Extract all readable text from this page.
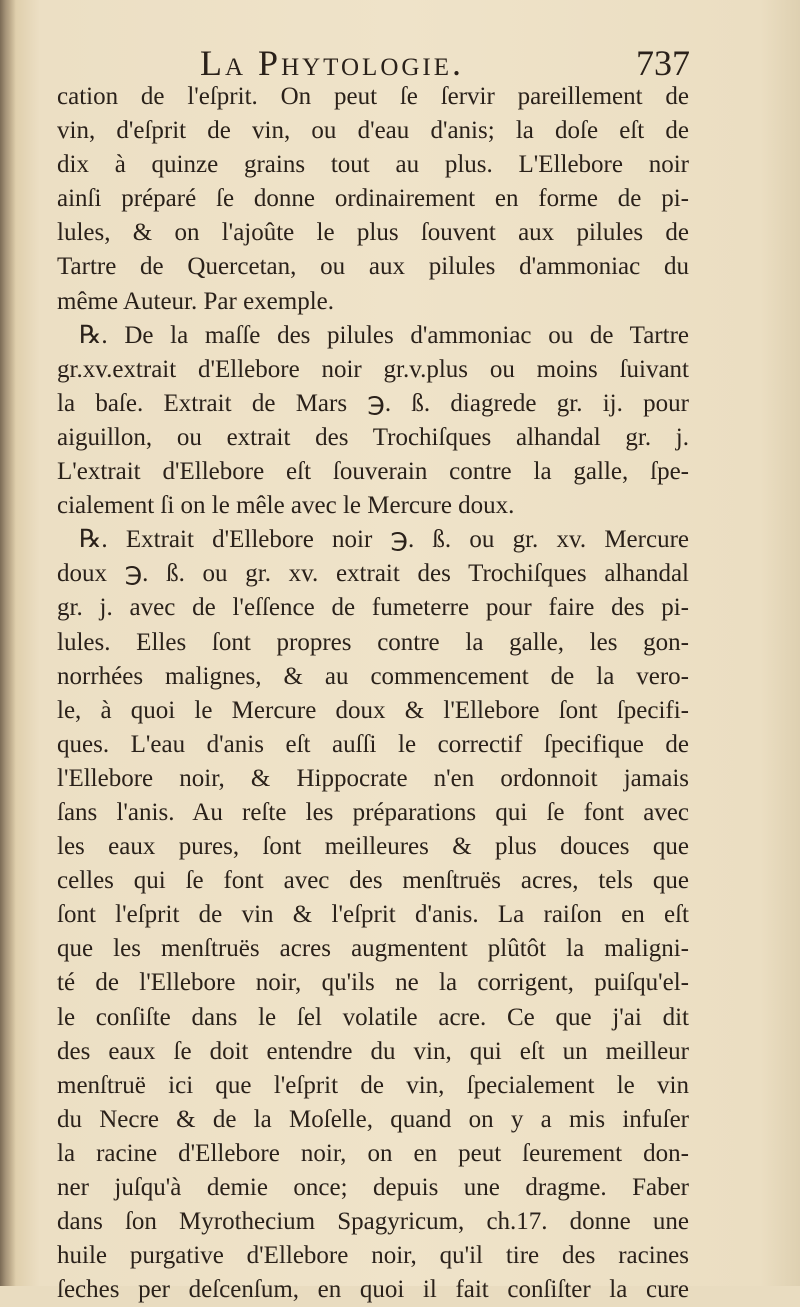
La Phytologie.	737
cation de l'eſprit. On peut ſe ſervir pareillement de
vin, d'eſprit de vin, ou d'eau d'anis; la doſe eſt de
dix à quinze grains tout au plus. L'Ellebore noir
ainſi préparé ſe donne ordinairement en forme de pi-
lules, & on l'ajoûte le plus ſouvent aux pilules de
Tartre de Quercetan, ou aux pilules d'ammoniac du
même Auteur. Par exemple.
℞. De la maſſe des pilules d'ammoniac ou de Tartre
gr.xv.extrait d'Ellebore noir gr.v.plus ou moins ſuivant
la baſe. Extrait de Mars ℈. ß. diagrede gr. ij. pour
aiguillon, ou extrait des Trochiſques alhandal gr. j.
L'extrait d'Ellebore eſt ſouverain contre la galle, ſpe-
cialement ſi on le mêle avec le Mercure doux.
℞. Extrait d'Ellebore noir ℈. ß. ou gr. xv. Mercure
doux ℈. ß. ou gr. xv. extrait des Trochiſques alhandal
gr. j. avec de l'eſſence de fumeterre pour faire des pi-
lules. Elles ſont propres contre la galle, les gon-
norrhées malignes, & au commencement de la vero-
le, à quoi le Mercure doux & l'Ellebore ſont ſpecifi-
ques. L'eau d'anis eſt auſſi le correctif ſpecifique de
l'Ellebore noir, & Hippocrate n'en ordonnoit jamais
ſans l'anis. Au reſte les préparations qui ſe font avec
les eaux pures, ſont meilleures & plus douces que
celles qui ſe font avec des menſtruës acres, tels que
ſont l'eſprit de vin & l'eſprit d'anis. La raiſon en eſt
que les menſtruës acres augmentent plûtôt la maligni-
té de l'Ellebore noir, qu'ils ne la corrigent, puiſqu'el-
le conſiſte dans le ſel volatile acre. Ce que j'ai dit
des eaux ſe doit entendre du vin, qui eſt un meilleur
menſtruë ici que l'eſprit de vin, ſpecialement le vin
du Necre & de la Moſelle, quand on y a mis infuſer
la racine d'Ellebore noir, on en peut ſeurement don-
ner juſqu'à demie once; depuis une dragme. Faber
dans ſon Myrothecium Spagyricum, ch.17. donne une
huile purgative d'Ellebore noir, qu'il tire des racines
ſeches per deſcenſum, en quoi il fait conſiſter la cure
